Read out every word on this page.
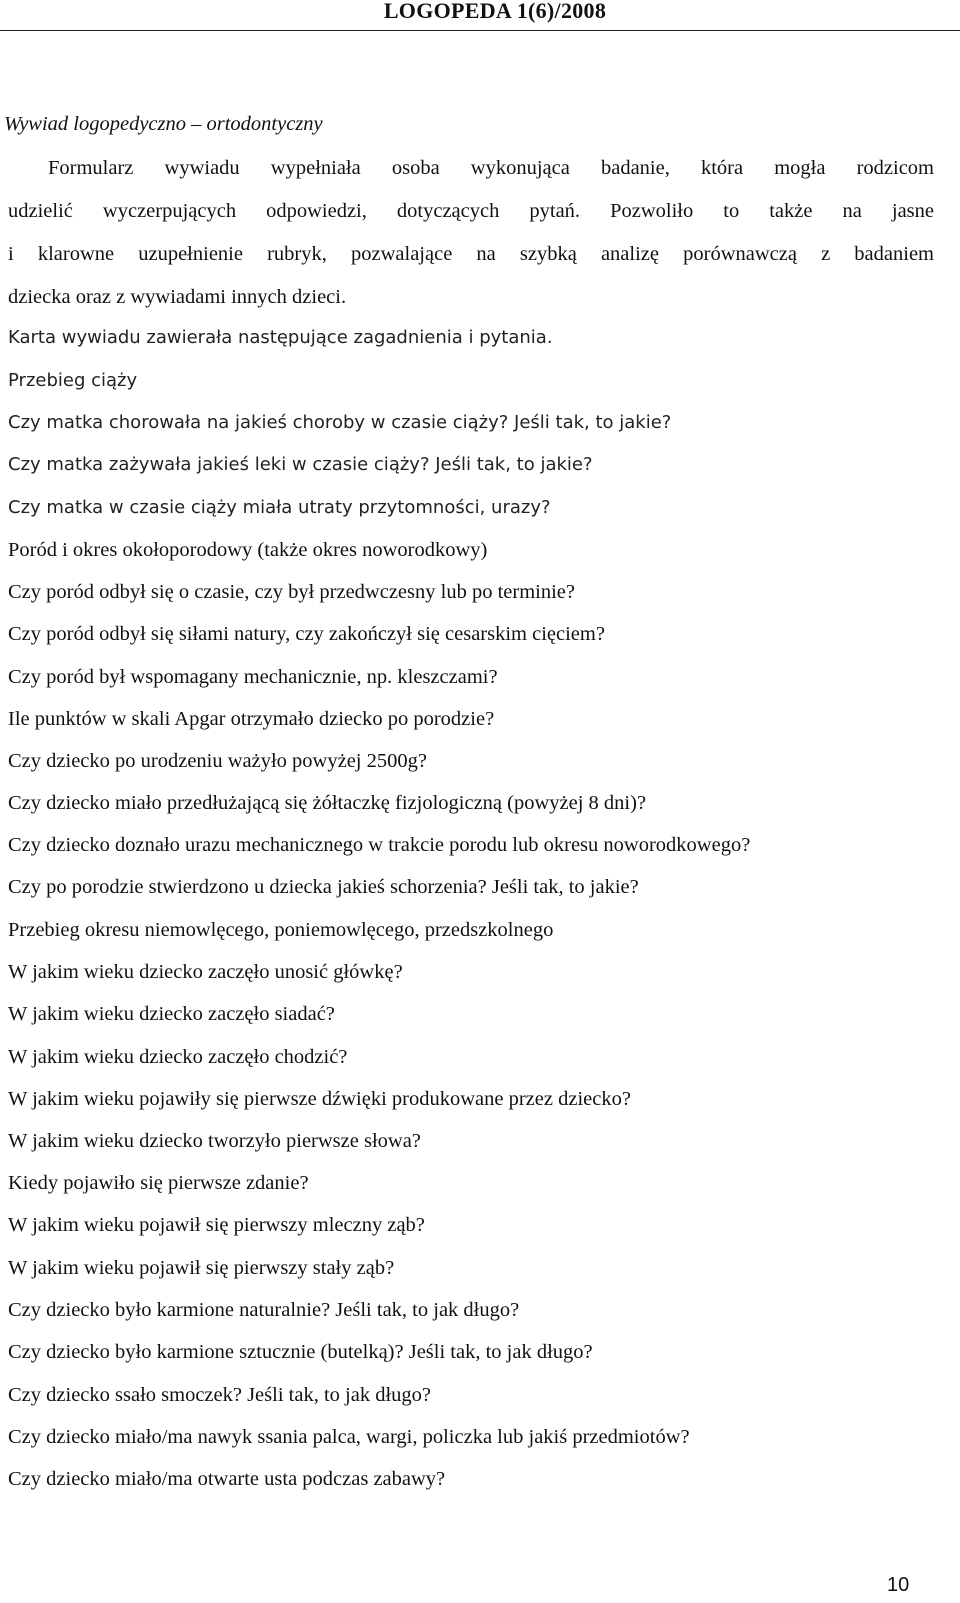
LOGOPEDA 1(6)/2008
Wywiad logopedyczno – ortodontyczny
Formularz wywiadu wypełniała osoba wykonująca badanie, która mogła rodzicom
udzielić wyczerpujących odpowiedzi, dotyczących pytań. Pozwoliło to także na jasne
i klarowne uzupełnienie rubryk, pozwalające na szybką analizę porównawczą z badaniem
dziecka oraz z wywiadami innych dzieci.
Karta wywiadu zawierała następujące zagadnienia i pytania.
Przebieg ciąży
Czy matka chorowała na jakieś choroby w czasie ciąży? Jeśli tak, to jakie?
Czy matka zażywała jakieś leki w czasie ciąży? Jeśli tak, to jakie?
Czy matka w czasie ciąży miała utraty przytomności, urazy?
Poród i okres okołoporodowy (także okres noworodkowy)
Czy poród odbył się o czasie, czy był przedwczesny lub po terminie?
Czy poród odbył się siłami natury, czy zakończył się cesarskim cięciem?
Czy poród był wspomagany mechanicznie, np. kleszczami?
Ile punktów w skali Apgar otrzymało dziecko po porodzie?
Czy dziecko po urodzeniu ważyło powyżej 2500g?
Czy dziecko miało przedłużającą się żółtaczkę fizjologiczną (powyżej 8 dni)?
Czy dziecko doznało urazu mechanicznego w trakcie porodu lub okresu noworodkowego?
Czy po porodzie stwierdzono u dziecka jakieś schorzenia? Jeśli tak, to jakie?
Przebieg okresu niemowlęcego, poniemowlęcego, przedszkolnego
W jakim wieku dziecko zaczęło unosić główkę?
W jakim wieku dziecko zaczęło siadać?
W jakim wieku dziecko zaczęło chodzić?
W jakim wieku pojawiły się pierwsze dźwięki produkowane przez dziecko?
W jakim wieku dziecko tworzyło pierwsze słowa?
Kiedy pojawiło się pierwsze zdanie?
W jakim wieku pojawił się pierwszy mleczny ząb?
W jakim wieku pojawił się pierwszy stały ząb?
Czy dziecko było karmione naturalnie? Jeśli tak, to jak długo?
Czy dziecko było karmione sztucznie (butelką)? Jeśli tak, to jak długo?
Czy dziecko ssało smoczek? Jeśli tak, to jak długo?
Czy dziecko miało/ma nawyk ssania palca, wargi, policzka lub jakiś przedmiotów?
Czy dziecko miało/ma otwarte usta podczas zabawy?
10
